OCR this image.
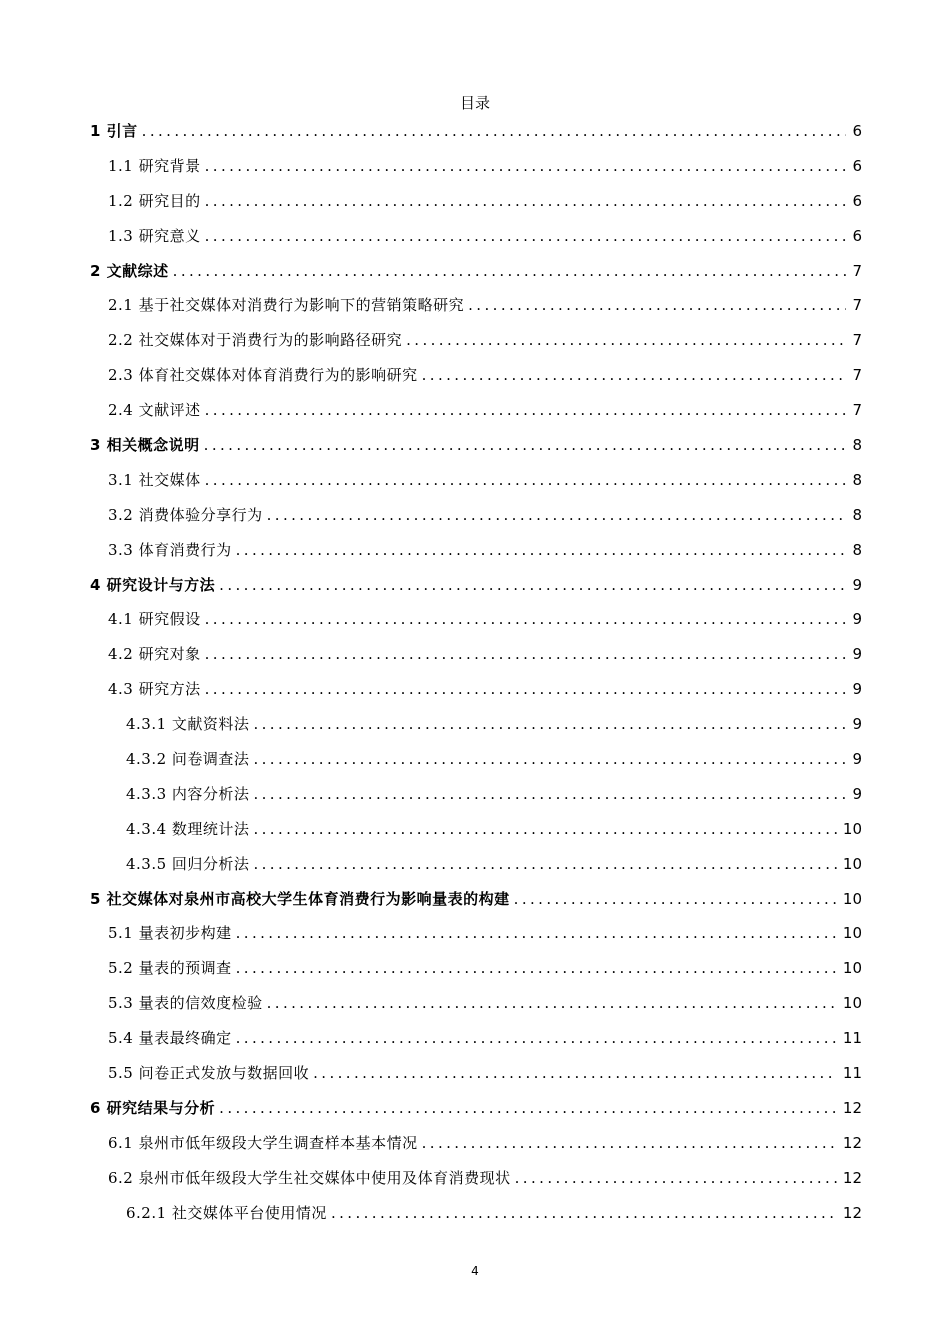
目录
1 引言 .....	6
1.1 研究背景 .....	6
1.2 研究目的 .....	6
1.3 研究意义 .....	6
2 文献综述 .....	7
2.1 基于社交媒体对消费行为影响下的营销策略研究 .....	7
2.2 社交媒体对于消费行为的影响路径研究 .....	7
2.3 体育社交媒体对体育消费行为的影响研究 .....	7
2.4 文献评述 .....	7
3 相关概念说明 .....	8
3.1 社交媒体 .....	8
3.2 消费体验分享行为 .....	8
3.3 体育消费行为 .....	8
4 研究设计与方法 .....	9
4.1 研究假设 .....	9
4.2 研究对象 .....	9
4.3 研究方法 .....	9
4.3.1 文献资料法 .....	9
4.3.2 问卷调查法 .....	9
4.3.3 内容分析法 .....	9
4.3.4 数理统计法 .....	10
4.3.5 回归分析法 .....	10
5 社交媒体对泉州市高校大学生体育消费行为影响量表的构建 .....	10
5.1 量表初步构建 .....	10
5.2 量表的预调查 .....	10
5.3 量表的信效度检验 .....	10
5.4 量表最终确定 .....	11
5.5 问卷正式发放与数据回收 .....	11
6 研究结果与分析 .....	12
6.1 泉州市低年级段大学生调查样本基本情况 .....	12
6.2 泉州市低年级段大学生社交媒体中使用及体育消费现状 .....	12
6.2.1 社交媒体平台使用情况 .....	12
4
